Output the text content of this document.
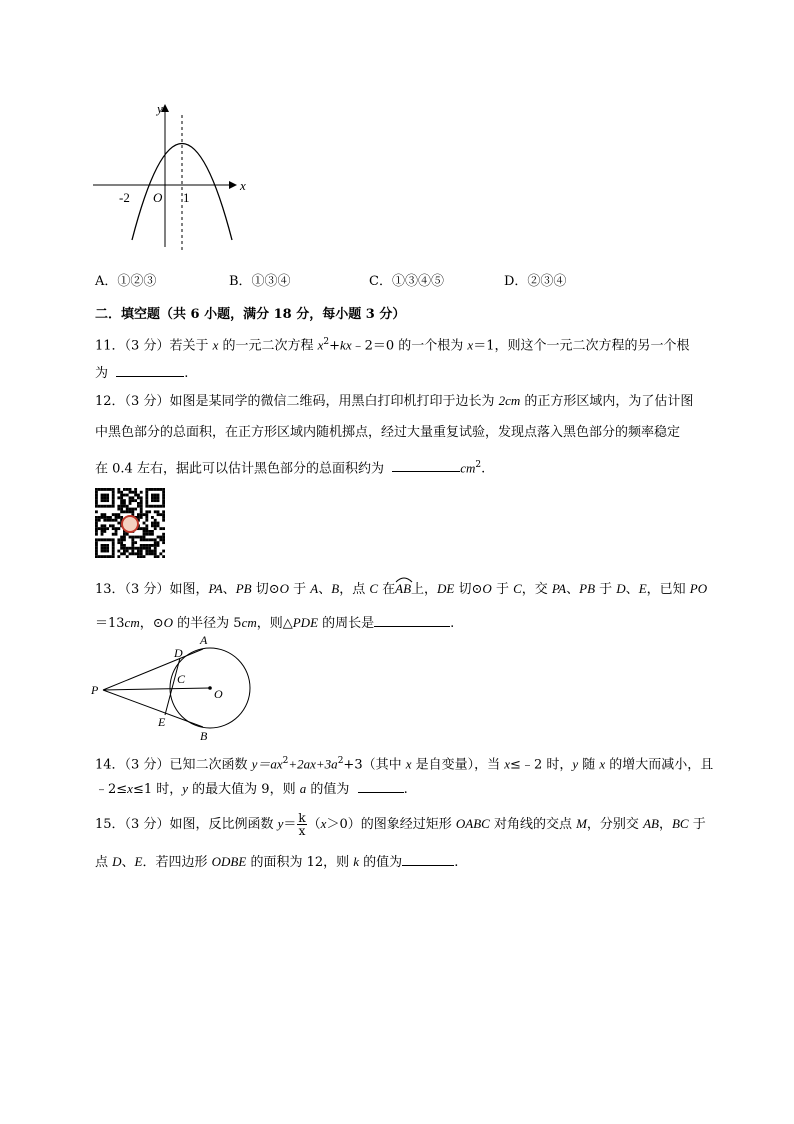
y
x
-2 O 1
A．①②③	B．①③④	C．①③④⑤	D．②③④
二．填空题（共 6 小题，满分 18 分，每小题 3 分）
11．（3 分）若关于 x 的一元二次方程 $x^2+kx﹣2=0$ 的一个根为 x＝1，则这个一元二次方程的另一个根
为	.
12．（3 分）如图是某同学的微信二维码，用黑白打印机打印于边长为 2cm 的正方形区域内，为了估计图
中黑色部分的总面积，在正方形区域内随机掷点，经过大量重复试验，发现点落入黑色部分的频率稳定
在 0.4 左右，据此可以估计黑色部分的总面积约为	$cm^2$.
13．（3 分）如图，PA、PB 切⊙O 于 A、B，点 C 在AB
上，DE 切⊙O 于 C，交 PA、PB 于 D、E，已知 PO
＝13cm，⊙O 的半径为 5cm，则△PDE 的周长是	.
A
D
C
P	O
E
B
14．（3 分）已知二次函数 $y=ax^2+2ax+3a^2+3$（其中 x 是自变量），当 x≤﹣2 时，y 随 x 的增大而减小，且
﹣2≤x≤1 时，y 的最大值为 9，则 a 的值为	.
15．（3 分）如图，反比例函数 $y= \frac{k}{x} (x>0)$的图象经过矩形 OABC 对角线的交点 M，分别交 AB，BC 于
点 D、E．若四边形 ODBE 的面积为 12，则 k 的值为	.
